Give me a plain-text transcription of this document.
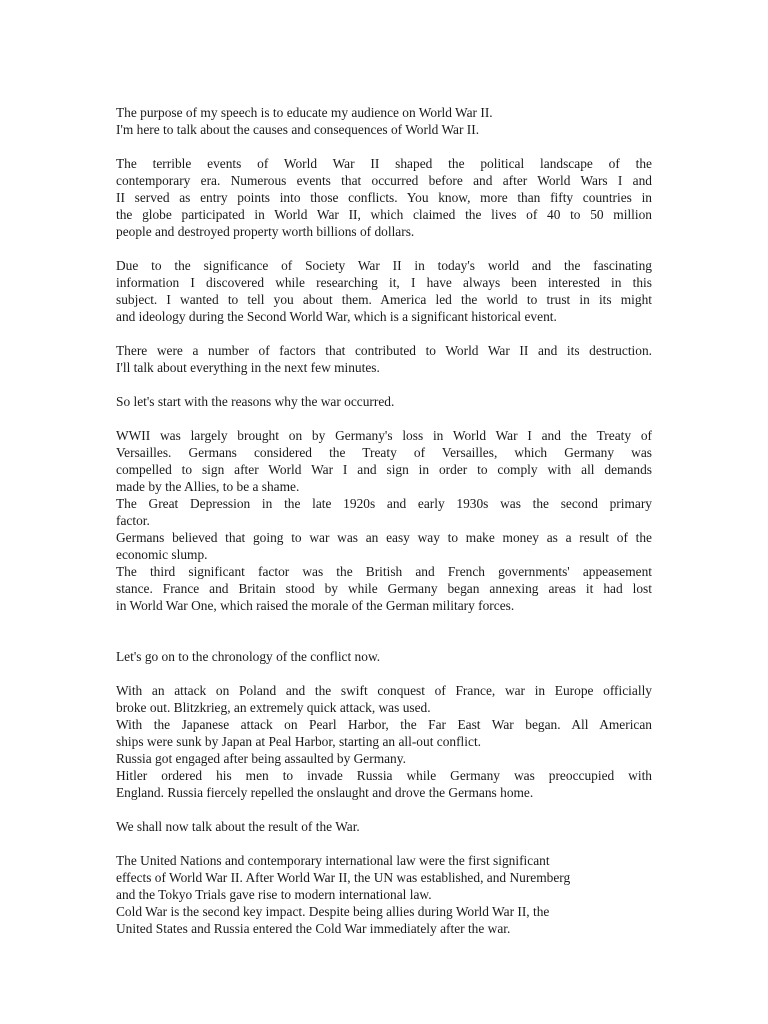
The purpose of my speech is to educate my audience on World War II.
I'm here to talk about the causes and consequences of World War II.
The terrible events of World War II shaped the political landscape of the
contemporary era. Numerous events that occurred before and after World Wars I and
II served as entry points into those conflicts. You know, more than fifty countries in
the globe participated in World War II, which claimed the lives of 40 to 50 million
people and destroyed property worth billions of dollars.
Due to the significance of Society War II in today's world and the fascinating
information I discovered while researching it, I have always been interested in this
subject. I wanted to tell you about them. America led the world to trust in its might
and ideology during the Second World War, which is a significant historical event.
There were a number of factors that contributed to World War II and its destruction.
I'll talk about everything in the next few minutes.
So let's start with the reasons why the war occurred.
WWII was largely brought on by Germany's loss in World War I and the Treaty of
Versailles. Germans considered the Treaty of Versailles, which Germany was
compelled to sign after World War I and sign in order to comply with all demands
made by the Allies, to be a shame.
The Great Depression in the late 1920s and early 1930s was the second primary
factor.
Germans believed that going to war was an easy way to make money as a result of the
economic slump.
The third significant factor was the British and French governments' appeasement
stance. France and Britain stood by while Germany began annexing areas it had lost
in World War One, which raised the morale of the German military forces.
Let's go on to the chronology of the conflict now.
With an attack on Poland and the swift conquest of France, war in Europe officially
broke out. Blitzkrieg, an extremely quick attack, was used.
With the Japanese attack on Pearl Harbor, the Far East War began. All American
ships were sunk by Japan at Peal Harbor, starting an all-out conflict.
Russia got engaged after being assaulted by Germany.
Hitler ordered his men to invade Russia while Germany was preoccupied with
England. Russia fiercely repelled the onslaught and drove the Germans home.
We shall now talk about the result of the War.
The United Nations and contemporary international law were the first significant
effects of World War II. After World War II, the UN was established, and Nuremberg
and the Tokyo Trials gave rise to modern international law.
Cold War is the second key impact. Despite being allies during World War II, the
United States and Russia entered the Cold War immediately after the war.
